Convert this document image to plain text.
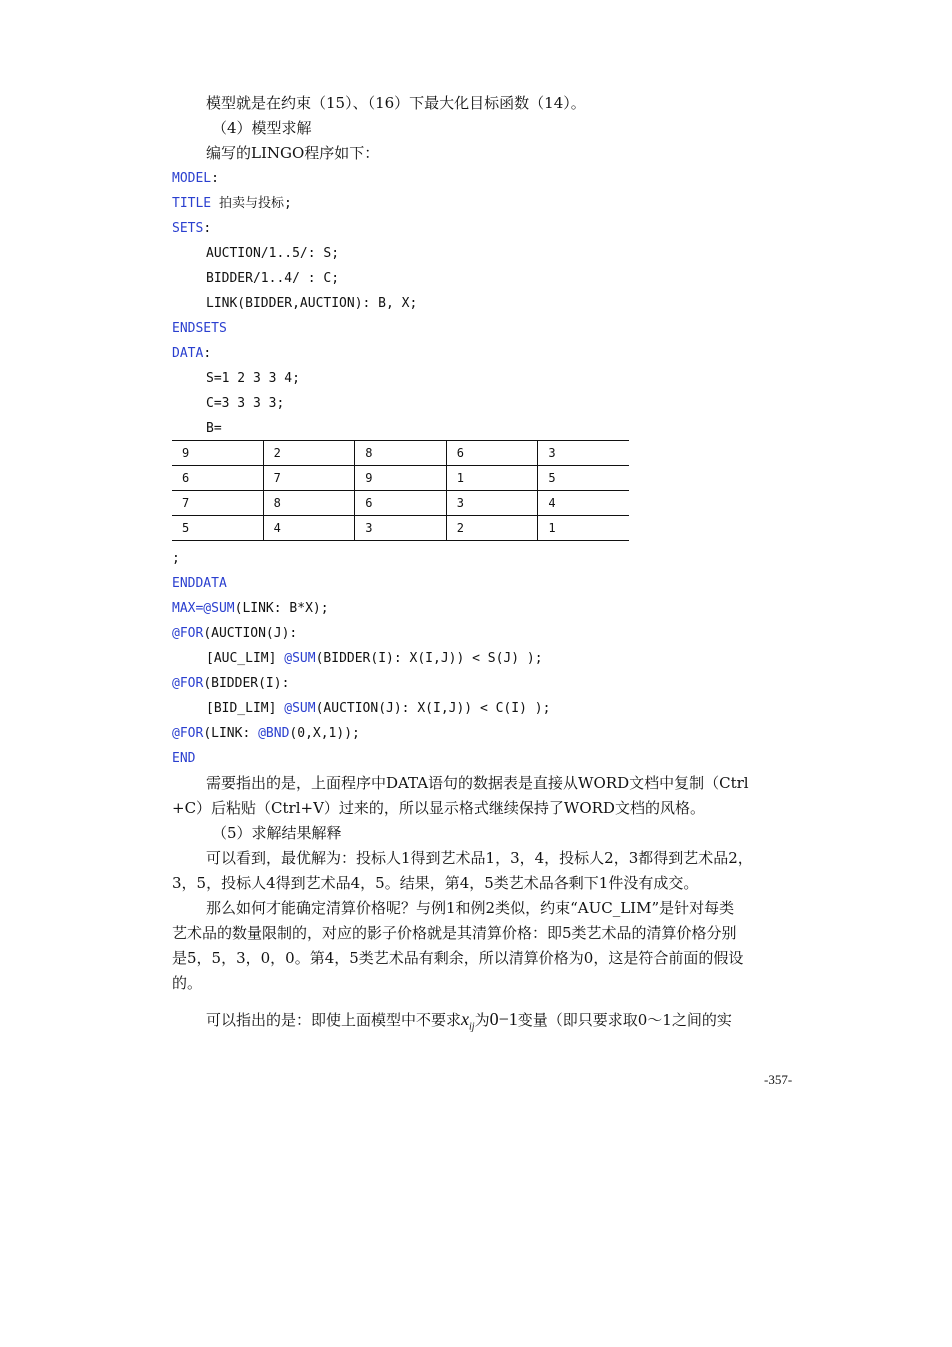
模型就是在约束（15）、（16）下最大化目标函数（14）。
（4）模型求解
编写的LINGO程序如下：
MODEL:
TITLE 拍卖与投标;
SETS:
AUCTION/1..5/: S;
BIDDER/1..4/ : C;
LINK(BIDDER,AUCTION): B, X;
ENDSETS
DATA:
S=1 2 3 3 4;
C=3 3 3 3;
B=
9	2	8	6	3
6	7	9	1	5
7	8	6	3	4
5	4	3	2	1
;
ENDDATA
MAX=@SUM(LINK: B*X);
@FOR(AUCTION(J):
[AUC_LIM] @SUM(BIDDER(I): X(I,J)) < S(J) );
@FOR(BIDDER(I):
[BID_LIM] @SUM(AUCTION(J): X(I,J)) < C(I) );
@FOR(LINK: @BND(0,X,1));
END
需要指出的是，上面程序中DATA语句的数据表是直接从WORD文档中复制（Ctrl
+C）后粘贴（Ctrl+V）过来的，所以显示格式继续保持了WORD文档的风格。
（5）求解结果解释
可以看到，最优解为：投标人1得到艺术品1，3，4，投标人2，3都得到艺术品2，
3，5，投标人4得到艺术品4，5。结果，第4，5类艺术品各剩下1件没有成交。
那么如何才能确定清算价格呢？与例1和例2类似，约束“AUC_LIM”是针对每类
艺术品的数量限制的，对应的影子价格就是其清算价格：即5类艺术品的清算价格分别
是5，5，3，0，0。第4，5类艺术品有剩余，所以清算价格为0，这是符合前面的假设
的。
可以指出的是：即使上面模型中不要求$x_{ij}$为0−1变量（即只要求取0～1之间的实
-357-
